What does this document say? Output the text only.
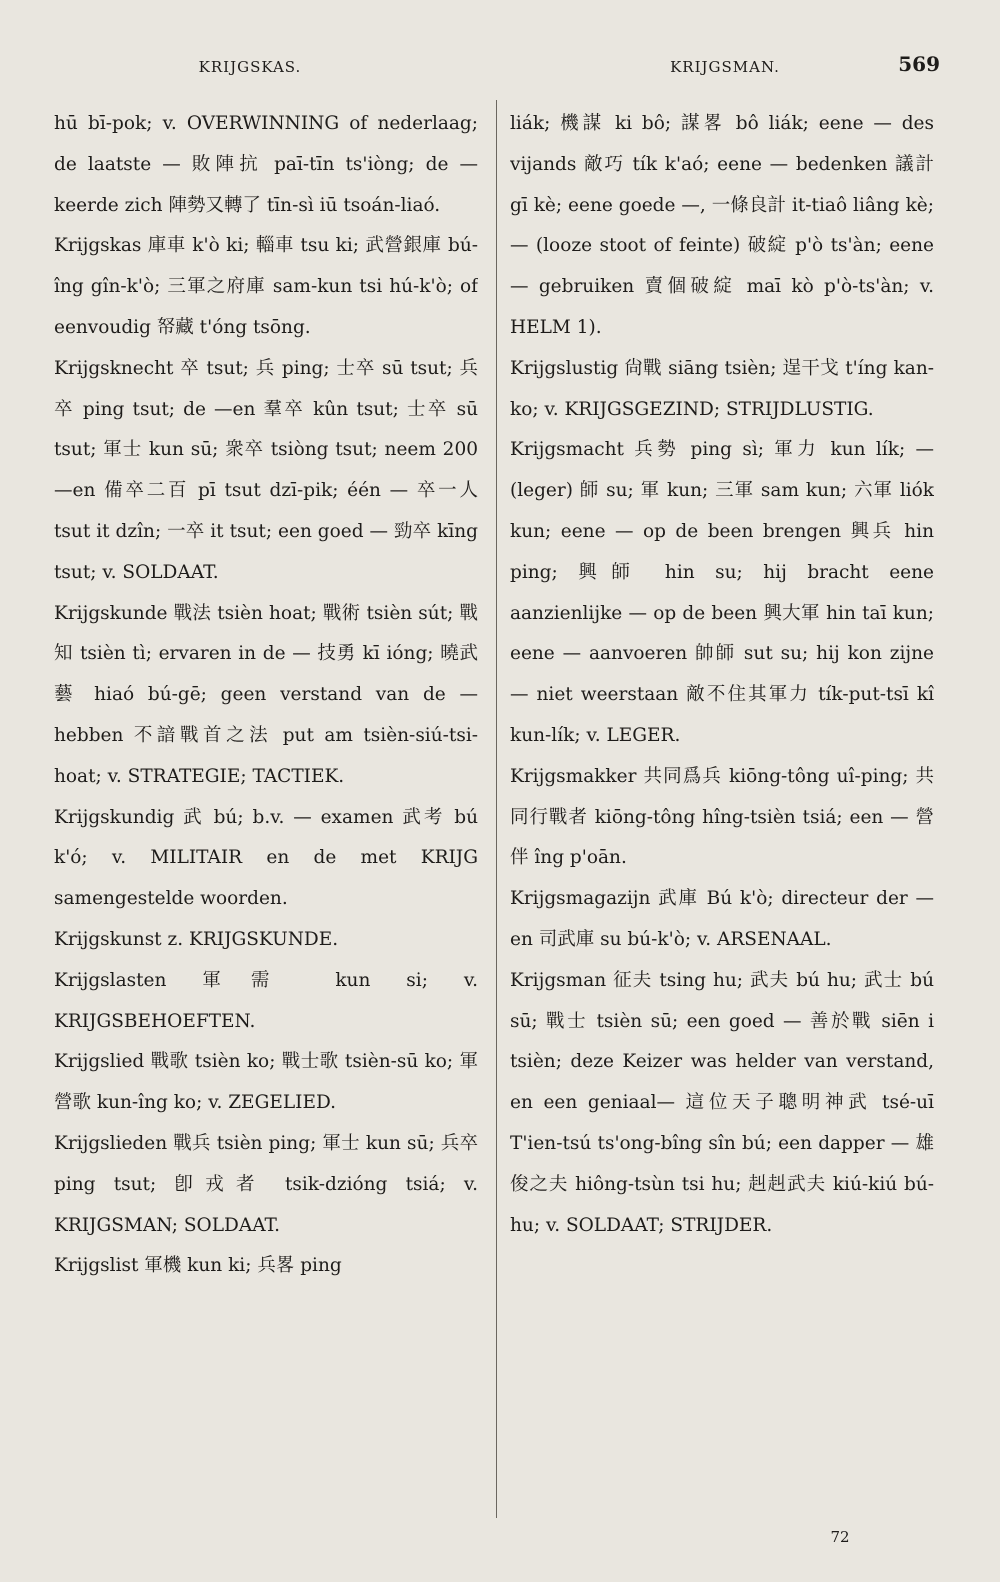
KRIJGSKAS.	KRIJGSMAN.	569

hū bī-pok; v. OVERWINNING of nederlaag; de laatste — 敗陣抗 paī-tīn ts'iòng; de — keerde zich 陣勢又轉了 tīn-sì iū tsoán-liaó.

Krijgskas 庫車 k'ò ki; 輜車 tsu ki; 武營銀庫 bú-îng gîn-k'ò; 三軍之府庫 sam-kun tsi hú-k'ò; of eenvoudig 帑藏 t'óng tsōng.

Krijgsknecht 卒 tsut; 兵 ping; 士卒 sū tsut; 兵卒 ping tsut; de —en 羣卒 kûn tsut; 士卒 sū tsut; 軍士 kun sū; 衆卒 tsiòng tsut; neem 200 —en 備卒二百 pī tsut dzī-pik; één — 卒一人 tsut it dzîn; 一卒 it tsut; een goed — 勁卒 kīng tsut; v. SOLDAAT.

Krijgskunde 戰法 tsièn hoat; 戰術 tsièn sút; 戰知 tsièn tì; ervaren in de — 技勇 kī ióng; 曉武藝 hiaó bú-gē; geen verstand van de — hebben 不諳戰首之法 put am tsièn-siú-tsi-hoat; v. STRATEGIE; TACTIEK.

Krijgskundig 武 bú; b.v. — examen 武考 bú k'ó; v. MILITAIR en de met KRIJG samengestelde woorden.

Krijgskunst z. KRIJGSKUNDE.

Krijgslasten 軍需 kun si; v. KRIJGSBEHOEFTEN.

Krijgslied 戰歌 tsièn ko; 戰士歌 tsièn-sū ko; 軍營歌 kun-îng ko; v. ZEGELIED.

Krijgslieden 戰兵 tsièn ping; 軍士 kun sū; 兵卒 ping tsut; 卽戎者 tsik-dzióng tsiá; v. KRIJGSMAN; SOLDAAT.

Krijgslist 軍機 kun ki; 兵畧 ping

liák; 機謀 ki bô; 謀畧 bô liák; eene — des vijands 敵巧 tík k'aó; eene — bedenken 議計 gī kè; eene goede —, 一條良計 it-tiaô liâng kè; — (looze stoot of feinte) 破綻 p'ò ts'àn; eene — gebruiken 賣個破綻 maī kò p'ò-ts'àn; v. HELM 1).

Krijgslustig 尙戰 siāng tsièn; 逞干戈 t'íng kan-ko; v. KRIJGSGEZIND; STRIJDLUSTIG.

Krijgsmacht 兵勢 ping sì; 軍力 kun lík; — (leger) 師 su; 軍 kun; 三軍 sam kun; 六軍 liók kun; eene — op de been brengen 興兵 hin ping; 興師 hin su; hij bracht eene aanzienlijke — op de been 興大軍 hin taī kun; eene — aanvoeren 帥師 sut su; hij kon zijne — niet weerstaan 敵不住其軍力 tík-put-tsī kî kun-lík; v. LEGER.

Krijgsmakker 共同爲兵 kiōng-tông uî-ping; 共同行戰者 kiōng-tông hîng-tsièn tsiá; een — 營伴 îng p'oān.

Krijgsmagazijn 武庫 Bú k'ò; directeur der —en 司武庫 su bú-k'ò; v. ARSENAAL.

Krijgsman 征夫 tsing hu; 武夫 bú hu; 武士 bú sū; 戰士 tsièn sū; een goed — 善於戰 siēn i tsièn; deze Keizer was helder van verstand, en een geniaal— 這位天子聰明神武 tsé-uī T'ien-tsú ts'ong-bîng sîn bú; een dapper — 雄俊之夫 hiông-tsùn tsi hu; 赳赳武夫 kiú-kiú bú-hu; v. SOLDAAT; STRIJDER.

72
